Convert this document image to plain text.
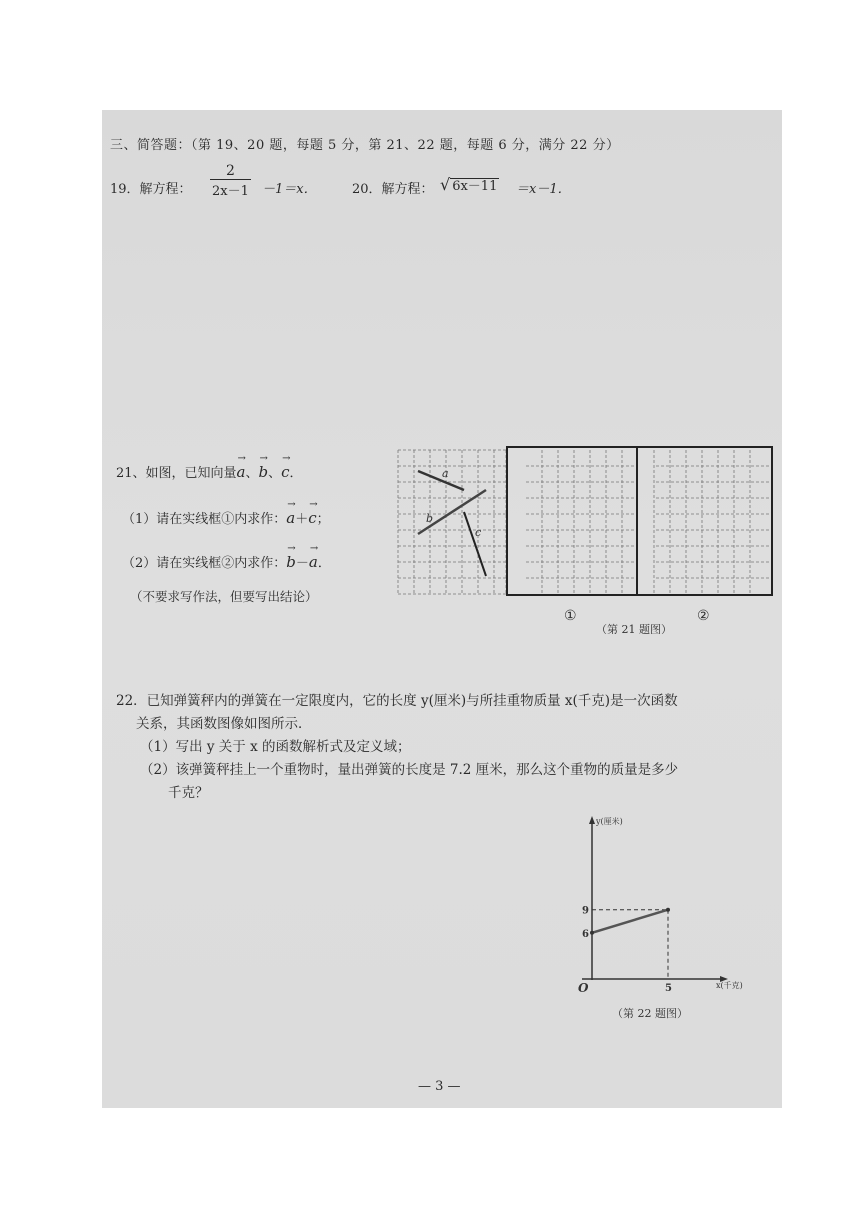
三、简答题：（第 19、20 题，每题 5 分，第 21、22 题，每题 6 分，满分 22 分）
19．解方程：
2
2x－1 －1＝x．	20．解方程： √ 6x－11 ＝x－1．
21、如图，已知向量→ a、→ b、→ c．
（1）请在实线框①内求作：→ a＋→ c；
（2）请在实线框②内求作：→ b－→ a．
（不要求写作法，但要写出结论）
a
b
c
①	②
（第 21 题图）
22．已知弹簧秤内的弹簧在一定限度内，它的长度 y(厘米)与所挂重物质量 x(千克)是一次函数
关系，其函数图像如图所示．
（1）写出 y 关于 x 的函数解析式及定义域；
（2）该弹簧秤挂上一个重物时，量出弹簧的长度是 7.2 厘米，那么这个重物的质量是多少
千克？
y(厘米)
x(千克)
O
6
9
5
（第 22 题图）
— 3 —
